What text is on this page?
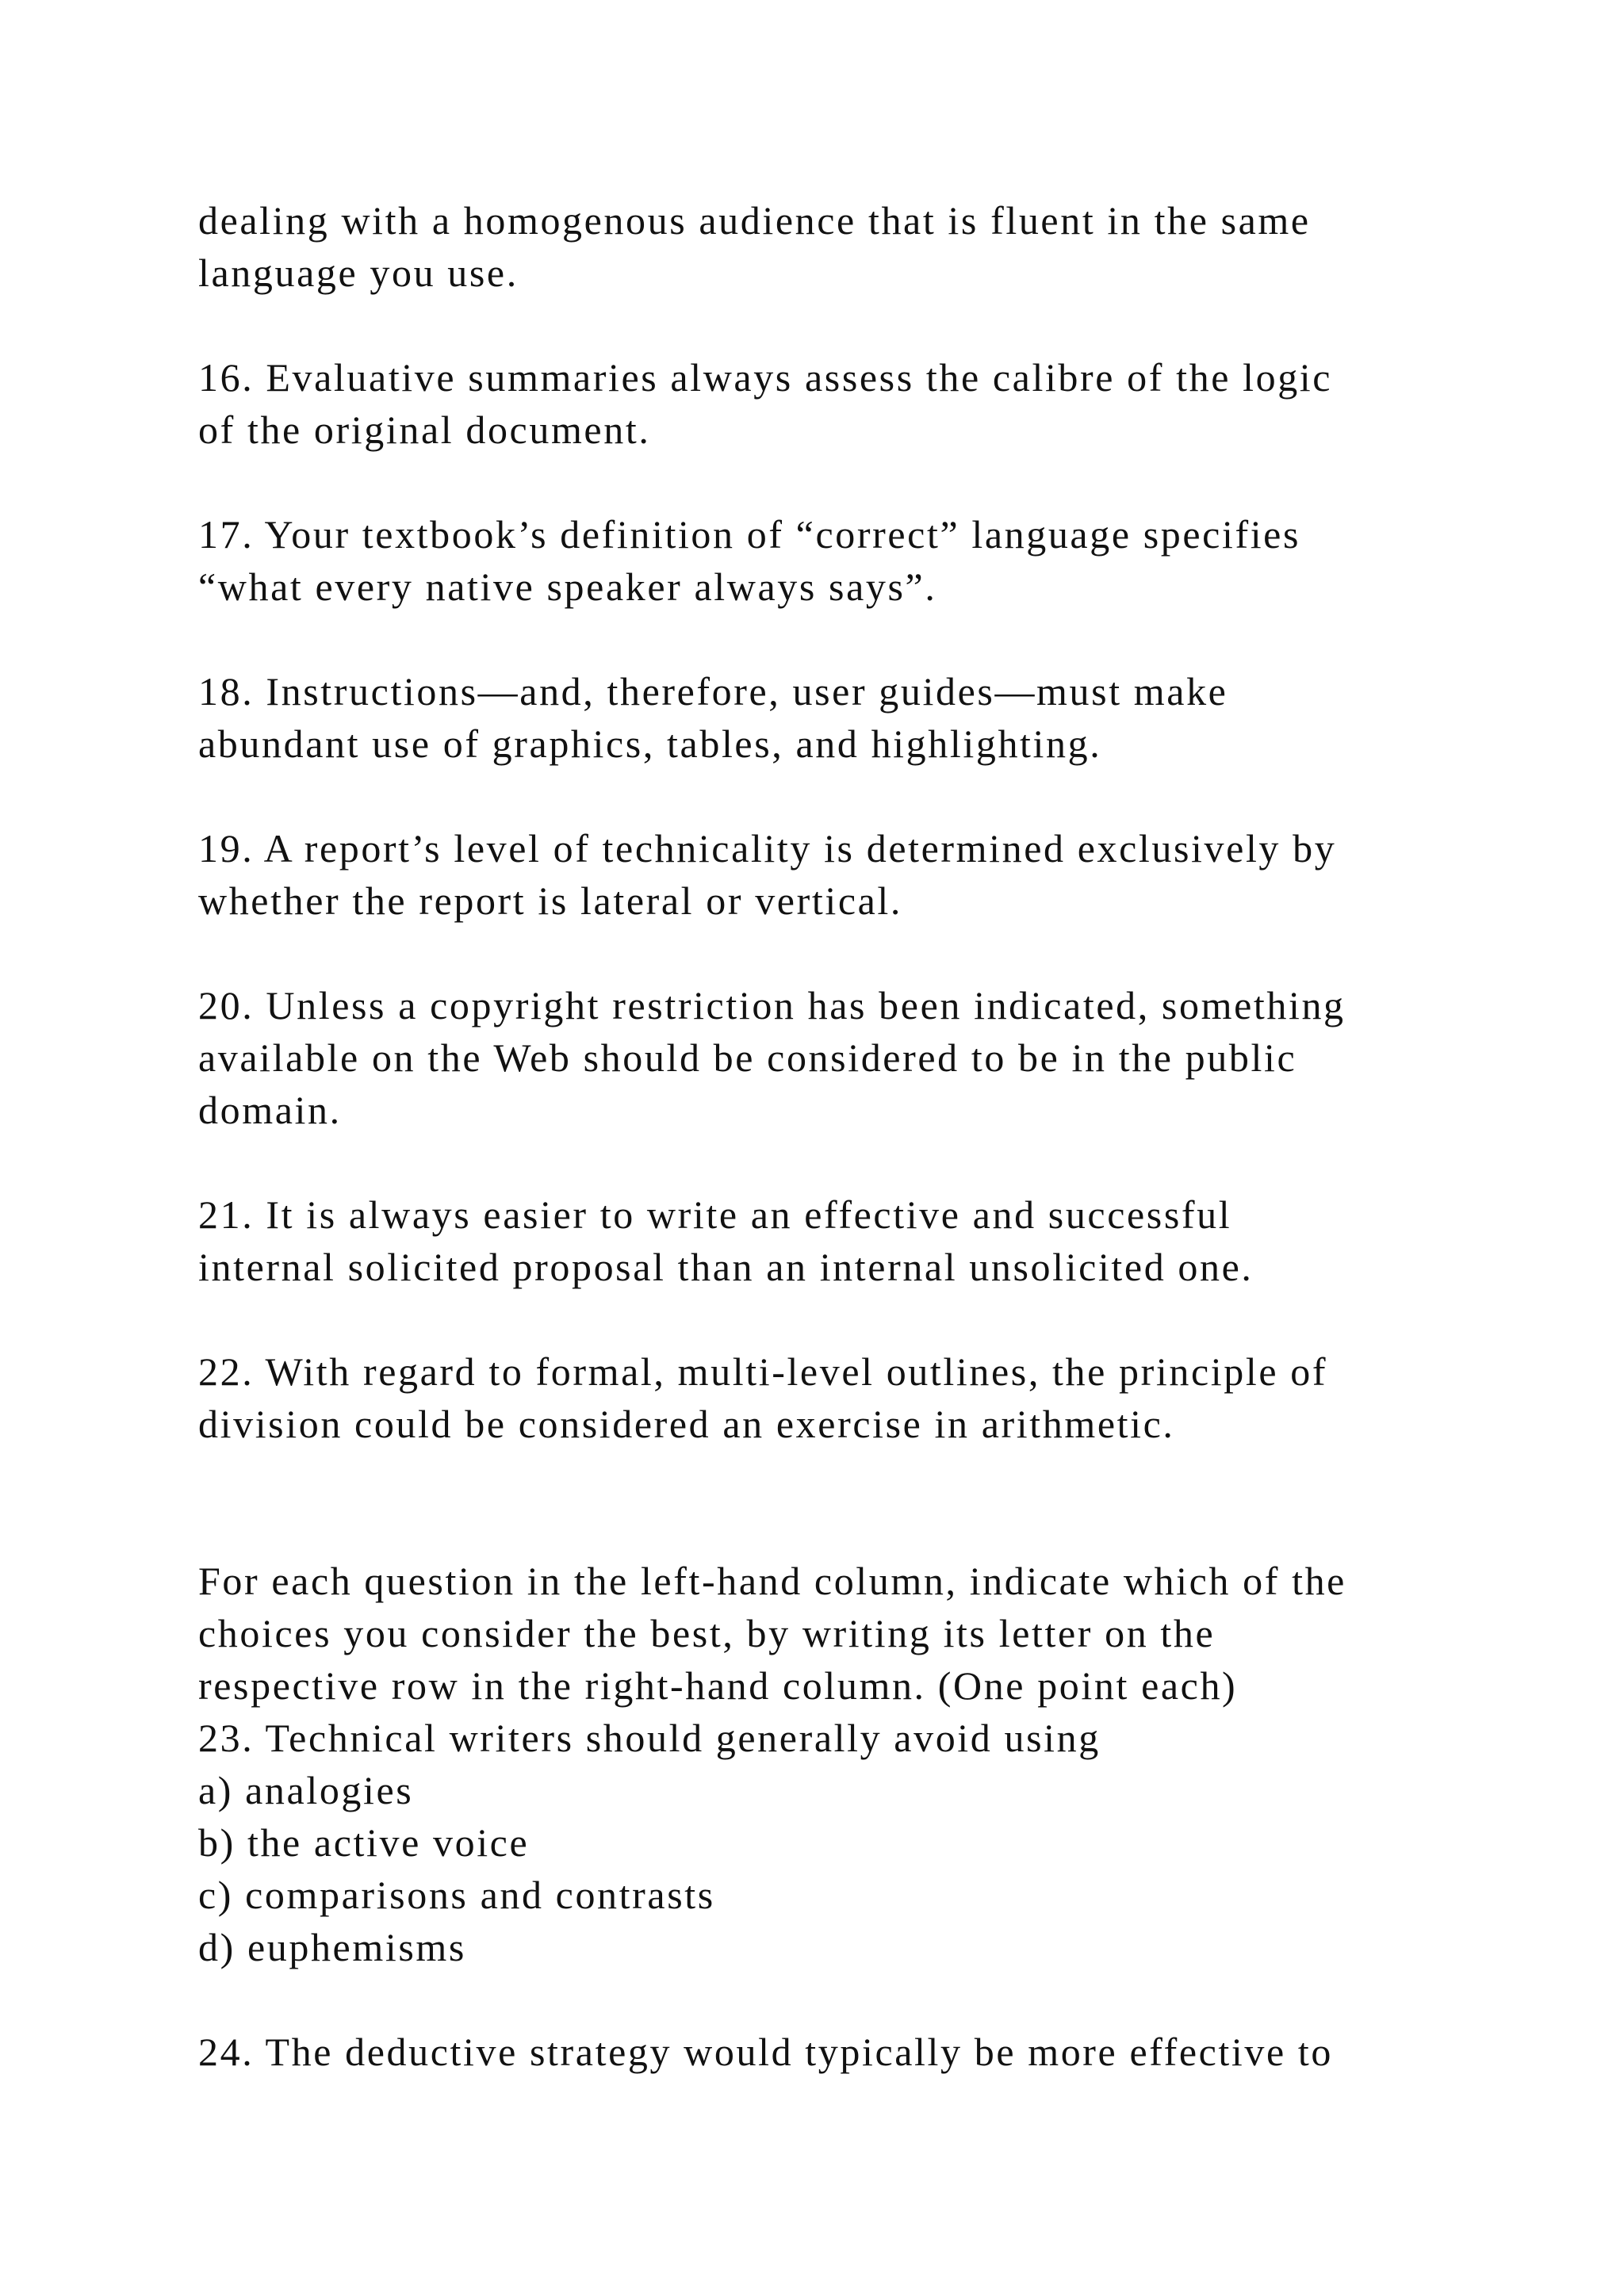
dealing with a homogenous audience that is fluent in the same
language you use.
16. Evaluative summaries always assess the calibre of the logic
of the original document.
17. Your textbook’s definition of “correct” language specifies
“what every native speaker always says”.
18. Instructions—and, therefore, user guides—must make
abundant use of graphics, tables, and highlighting.
19. A report’s level of technicality is determined exclusively by
whether the report is lateral or vertical.
20. Unless a copyright restriction has been indicated, something
available on the Web should be considered to be in the public
domain.
21. It is always easier to write an effective and successful
internal solicited proposal than an internal unsolicited one.
22. With regard to formal, multi-level outlines, the principle of
division could be considered an exercise in arithmetic.
For each question in the left-hand column, indicate which of the
choices you consider the best, by writing its letter on the
respective row in the right-hand column. (One point each)
23. Technical writers should generally avoid using
a) analogies
b) the active voice
c) comparisons and contrasts
d) euphemisms
24. The deductive strategy would typically be more effective to
